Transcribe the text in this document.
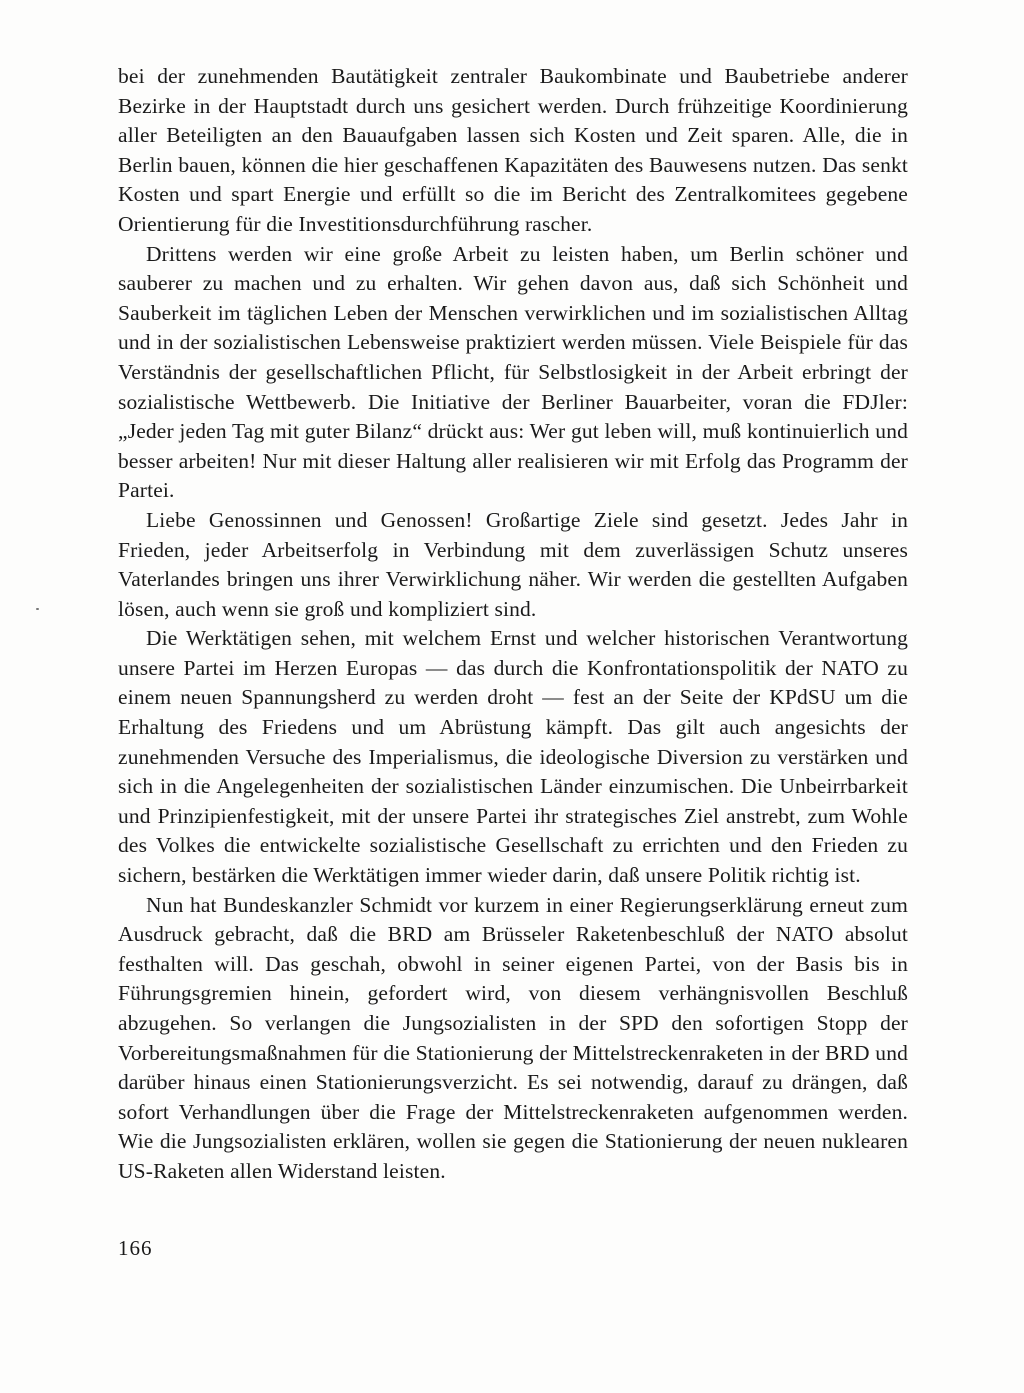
bei der zunehmenden Bautätigkeit zentraler Baukombinate und Baubetriebe anderer Bezirke in der Hauptstadt durch uns gesichert werden. Durch frühzeitige Koordinierung aller Beteiligten an den Bauaufgaben lassen sich Kosten und Zeit sparen. Alle, die in Berlin bauen, können die hier geschaffenen Kapazitäten des Bauwesens nutzen. Das senkt Kosten und spart Energie und erfüllt so die im Bericht des Zentralkomitees gegebene Orientierung für die Investitionsdurchführung rascher.

Drittens werden wir eine große Arbeit zu leisten haben, um Berlin schöner und sauberer zu machen und zu erhalten. Wir gehen davon aus, daß sich Schönheit und Sauberkeit im täglichen Leben der Menschen verwirklichen und im sozialistischen Alltag und in der sozialistischen Lebensweise praktiziert werden müssen. Viele Beispiele für das Verständnis der gesellschaftlichen Pflicht, für Selbstlosigkeit in der Arbeit erbringt der sozialistische Wettbewerb. Die Initiative der Berliner Bauarbeiter, voran die FDJler: „Jeder jeden Tag mit guter Bilanz“ drückt aus: Wer gut leben will, muß kontinuierlich und besser arbeiten! Nur mit dieser Haltung aller realisieren wir mit Erfolg das Programm der Partei.

Liebe Genossinnen und Genossen! Großartige Ziele sind gesetzt. Jedes Jahr in Frieden, jeder Arbeitserfolg in Verbindung mit dem zuverlässigen Schutz unseres Vaterlandes bringen uns ihrer Verwirklichung näher. Wir werden die gestellten Aufgaben lösen, auch wenn sie groß und kompliziert sind.

Die Werktätigen sehen, mit welchem Ernst und welcher historischen Verantwortung unsere Partei im Herzen Europas — das durch die Konfrontationspolitik der NATO zu einem neuen Spannungsherd zu werden droht — fest an der Seite der KPdSU um die Erhaltung des Friedens und um Abrüstung kämpft. Das gilt auch angesichts der zunehmenden Versuche des Imperialismus, die ideologische Diversion zu verstärken und sich in die Angelegenheiten der sozialistischen Länder einzumischen. Die Unbeirrbarkeit und Prinzipienfestigkeit, mit der unsere Partei ihr strategisches Ziel anstrebt, zum Wohle des Volkes die entwickelte sozialistische Gesellschaft zu errichten und den Frieden zu sichern, bestärken die Werktätigen immer wieder darin, daß unsere Politik richtig ist.

Nun hat Bundeskanzler Schmidt vor kurzem in einer Regierungserklärung erneut zum Ausdruck gebracht, daß die BRD am Brüsseler Raketenbeschluß der NATO absolut festhalten will. Das geschah, obwohl in seiner eigenen Partei, von der Basis bis in Führungsgremien hinein, gefordert wird, von diesem verhängnisvollen Beschluß abzugehen. So verlangen die Jungsozialisten in der SPD den sofortigen Stopp der Vorbereitungsmaßnahmen für die Stationierung der Mittelstreckenraketen in der BRD und darüber hinaus einen Stationierungsverzicht. Es sei notwendig, darauf zu drängen, daß sofort Verhandlungen über die Frage der Mittelstreckenraketen aufgenommen werden. Wie die Jungsozialisten erklären, wollen sie gegen die Stationierung der neuen nuklearen US-Raketen allen Widerstand leisten.

166
